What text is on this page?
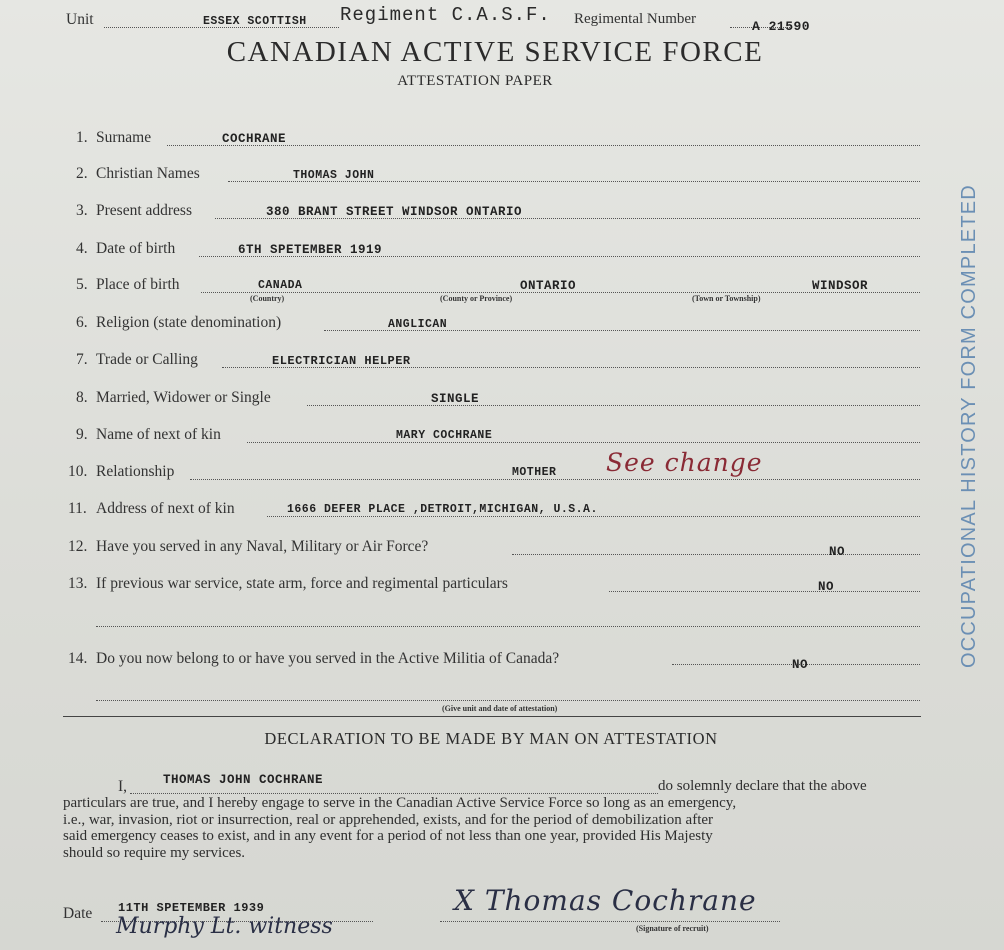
Unit	ESSEX SCOTTISH Regiment C.A.S.F. Regimental Number	A 21590
CANADIAN ACTIVE SERVICE FORCE
ATTESTATION PAPER
1. Surname	COCHRANE
2. Christian Names	THOMAS JOHN
3. Present address	380 BRANT STREET WINDSOR ONTARIO
4. Date of birth	6TH SPETEMBER 1919
5. Place of birth	CANADA	ONTARIO	WINDSOR
(Country)	(County or Province)	(Town or Township)
6. Religion (state denomination)	ANGLICAN
7. Trade or Calling	ELECTRICIAN HELPER
8. Married, Widower or Single	SINGLE
9. Name of next of kin	MARY COCHRANE
10. Relationship	MOTHER See change
11. Address of next of kin	1666 DEFER PLACE ,DETROIT,MICHIGAN, U.S.A.
12. Have you served in any Naval, Military or Air Force?	NO
13. If previous war service, state arm, force and regimental particulars	NO
14. Do you now belong to or have you served in the Active Militia of Canada?	NO
(Give unit and date of attestation)
DECLARATION TO BE MADE BY MAN ON ATTESTATION
I,	THOMAS JOHN COCHRANE	do solemnly declare that the above
particulars are true, and I hereby engage to serve in the Canadian Active Service Force so long as an emergency,
i.e., war, invasion, riot or insurrection, real or apprehended, exists, and for the period of demobilization after
said emergency ceases to exist, and in any event for a period of not less than one year, provided His Majesty
should so require my services.
Date 11TH SPETEMBER 1939
Murphy Lt. witness
X Thomas Cochrane
(Signature of recruit)
OCCUPATIONAL HISTORY FORM COMPLETED
